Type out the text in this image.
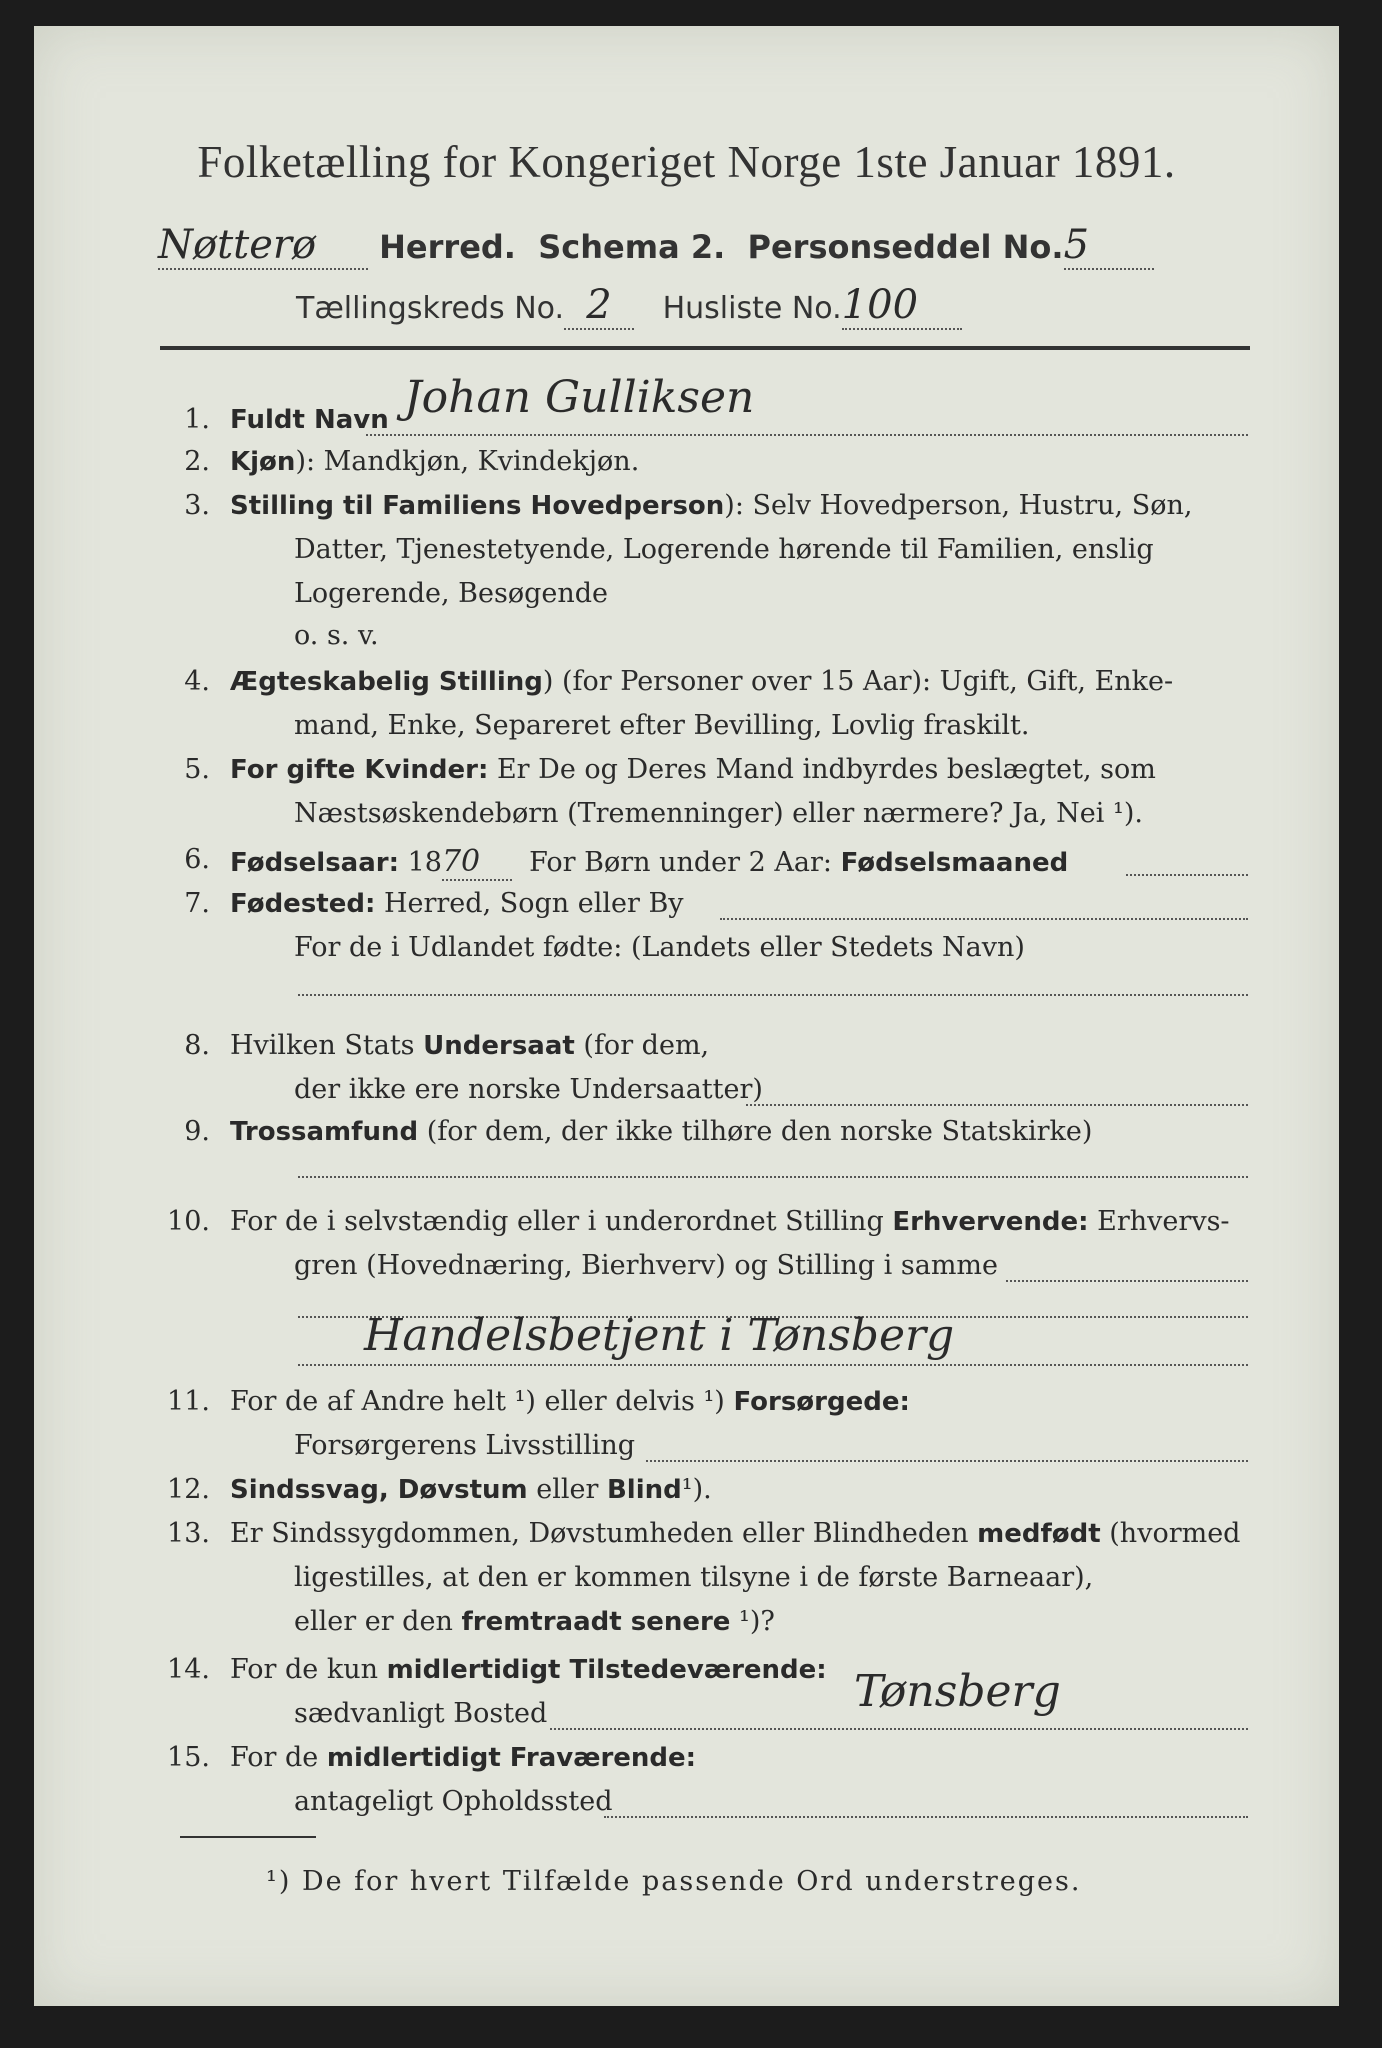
Folketælling for Kongeriget Norge 1ste Januar 1891.
Nøtterø Herred. Schema 2. Personseddel No.5
Tællingskreds No. 2 Husliste No.100
1. Fuldt Navn Johan Gulliksen
2. Kjøn): Mandkjøn, Kvindekjøn.
3. Stilling til Familiens Hovedperson): Selv Hovedperson, Hustru, Søn,
Datter, Tjenestetyende, Logerende hørende til Familien, enslig
Logerende, Besøgende
o. s. v.
4. Ægteskabelig Stilling) (for Personer over 15 Aar): Ugift, Gift, Enke-
mand, Enke, Separeret efter Bevilling, Lovlig fraskilt.
5. For gifte Kvinder: Er De og Deres Mand indbyrdes beslægtet, som
Næstsøskendebørn (Tremenninger) eller nærmere? Ja, Nei ¹).
6. Fødselsaar: 1870 For Børn under 2 Aar: Fødselsmaaned
7. Fødested: Herred, Sogn eller By
For de i Udlandet fødte: (Landets eller Stedets Navn)
8. Hvilken Stats Undersaat (for dem,
der ikke ere norske Undersaatter)
9. Trossamfund (for dem, der ikke tilhøre den norske Statskirke)
10. For de i selvstændig eller i underordnet Stilling Erhvervende: Erhvervs-
gren (Hovednæring, Bierhverv) og Stilling i samme
Handelsbetjent i Tønsberg
11. For de af Andre helt ¹) eller delvis ¹) Forsørgede:
Forsørgerens Livsstilling
12. Sindssvag, Døvstum eller Blind¹).
13. Er Sindssygdommen, Døvstumheden eller Blindheden medfødt (hvormed
ligestilles, at den er kommen tilsyne i de første Barneaar),
eller er den fremtraadt senere ¹)?
14. For de kun midlertidigt Tilstedeværende:
sædvanligt Bosted	Tønsberg
15. For de midlertidigt Fraværende:
antageligt Opholdssted
¹) De for hvert Tilfælde passende Ord understreges.
